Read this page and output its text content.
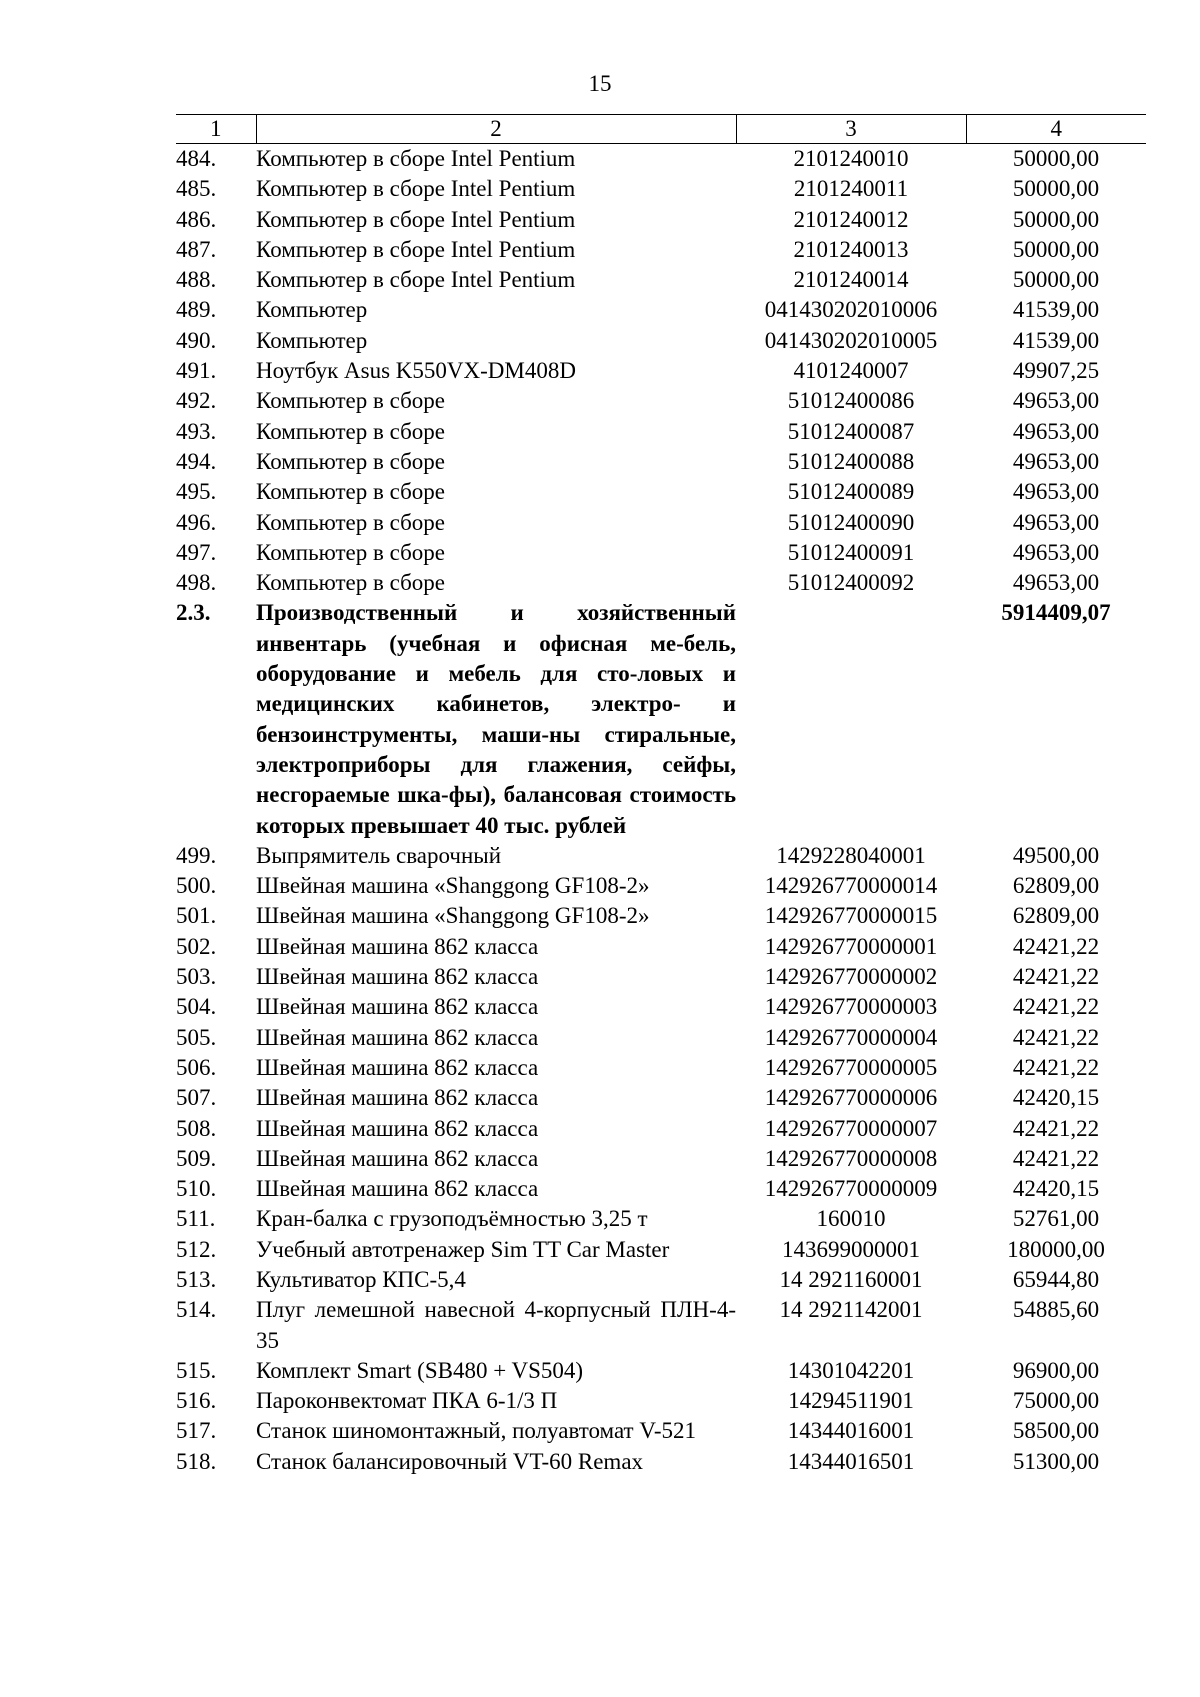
15
1	2	3	4
484.	Компьютер в сборе Intel Pentium	2101240010	50000,00
485.	Компьютер в сборе Intel Pentium	2101240011	50000,00
486.	Компьютер в сборе Intel Pentium	2101240012	50000,00
487.	Компьютер в сборе Intel Pentium	2101240013	50000,00
488.	Компьютер в сборе Intel Pentium	2101240014	50000,00
489.	Компьютер	041430202010006	41539,00
490.	Компьютер	041430202010005	41539,00
491.	Ноутбук Asus K550VX-DM408D	4101240007	49907,25
492.	Компьютер в сборе	51012400086	49653,00
493.	Компьютер в сборе	51012400087	49653,00
494.	Компьютер в сборе	51012400088	49653,00
495.	Компьютер в сборе	51012400089	49653,00
496.	Компьютер в сборе	51012400090	49653,00
497.	Компьютер в сборе	51012400091	49653,00
498.	Компьютер в сборе	51012400092	49653,00
2.3.	Производственный и хозяйственный инвентарь (учебная и офисная ме-бель, оборудование и мебель для сто-ловых и медицинских кабинетов, электро- и бензоинструменты, маши-ны стиральные, электроприборы для глажения, сейфы, несгораемые шка-фы), балансовая стоимость которых превышает 40 тыс. рублей		5914409,07
499.	Выпрямитель сварочный	1429228040001	49500,00
500.	Швейная машина «Shanggong GF108-2»	142926770000014	62809,00
501.	Швейная машина «Shanggong GF108-2»	142926770000015	62809,00
502.	Швейная машина 862 класса	142926770000001	42421,22
503.	Швейная машина 862 класса	142926770000002	42421,22
504.	Швейная машина 862 класса	142926770000003	42421,22
505.	Швейная машина 862 класса	142926770000004	42421,22
506.	Швейная машина 862 класса	142926770000005	42421,22
507.	Швейная машина 862 класса	142926770000006	42420,15
508.	Швейная машина 862 класса	142926770000007	42421,22
509.	Швейная машина 862 класса	142926770000008	42421,22
510.	Швейная машина 862 класса	142926770000009	42420,15
511.	Кран-балка с грузоподъёмностью 3,25 т	160010	52761,00
512.	Учебный автотренажер Sim TT Car Master	143699000001	180000,00
513.	Культиватор КПС-5,4	14 2921160001	65944,80
514.	Плуг лемешной навесной 4-корпусный ПЛН-4-35	14 2921142001	54885,60
515.	Комплект Smart (SB480 + VS504)	14301042201	96900,00
516.	Пароконвектомат ПКА 6-1/3 П	14294511901	75000,00
517.	Станок шиномонтажный, полуавтомат V-521	14344016001	58500,00
518.	Станок балансировочный VT-60 Remax	14344016501	51300,00
